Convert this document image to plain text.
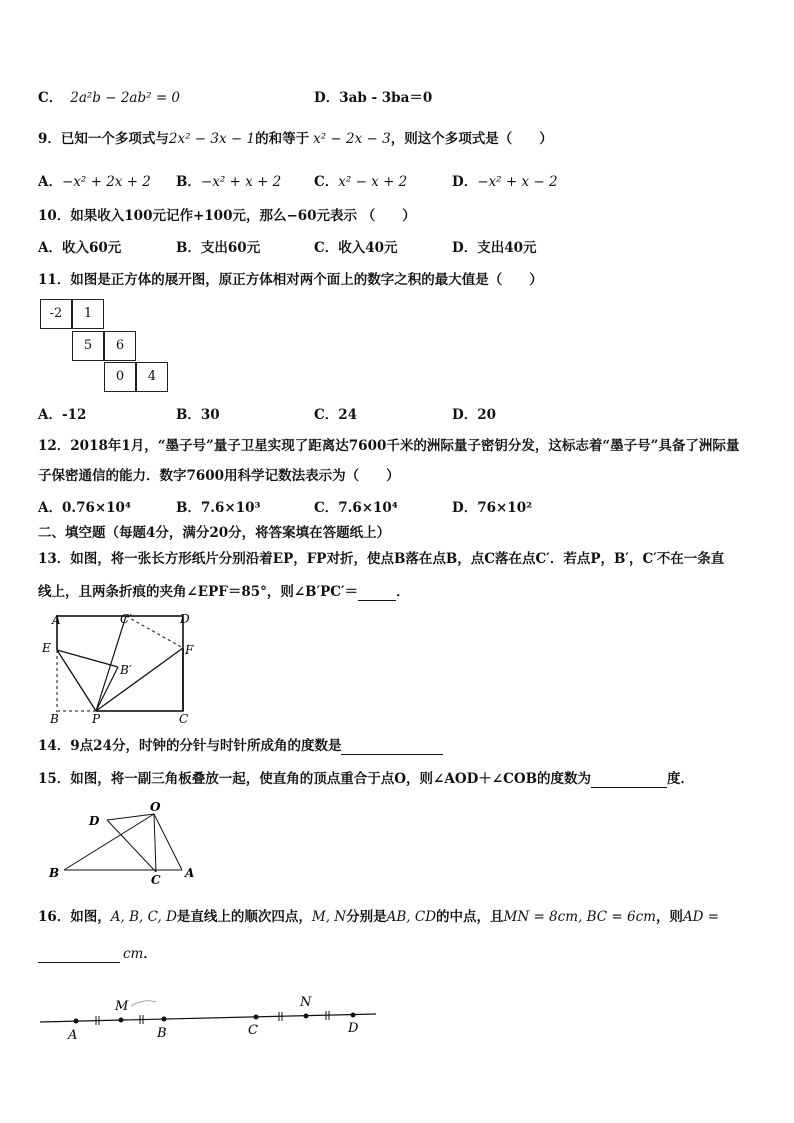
C． 2a²b − 2ab² = 0	D．3ab - 3ba＝0
9．已知一个多项式与2x² − 3x − 1的和等于 x² − 2x − 3，则这个多项式是（　　）
A．−x² + 2x + 2 B．−x² + x + 2 C．x² − x + 2	D．−x² + x − 2
10．如果收入100元记作+100元，那么−60元表示 （　　）
A．收入60元	B．支出60元	C．收入40元	D．支出40元
11．如图是正方体的展开图，原正方体相对两个面上的数字之积的最大值是（　　）
-2	1
5	6
0	4
A．-12	B．30	C．24	D．20
12．2018年1月，“墨子号”量子卫星实现了距离达7600千米的洲际量子密钥分发，这标志着“墨子号”具备了洲际量
子保密通信的能力．数字7600用科学记数法表示为（　　）
A．0.76×10⁴	B．7.6×10³	C．7.6×10⁴	D．76×10²
二、填空题（每题4分，满分20分，将答案填在答题纸上）
13．如图，将一张长方形纸片分别沿着EP，FP对折，使点B落在点B，点C落在点C′．若点P，B′，C′不在一条直
线上，且两条折痕的夹角∠EPF＝85°，则∠B′PC′＝	．
A	C′	D
E	F
B′
B	P	C
14．9点24分，时钟的分针与时针所成角的度数是
15．如图，将一副三角板叠放一起，使直角的顶点重合于点O，则∠AOD＋∠COB的度数为	度．
O
D
B	C A
16．如图，A, B, C, D是直线上的顺次四点，M, N分别是AB, CD的中点，且MN = 8cm, BC = 6cm，则AD =
cm．
M	N
A	B	C	D
